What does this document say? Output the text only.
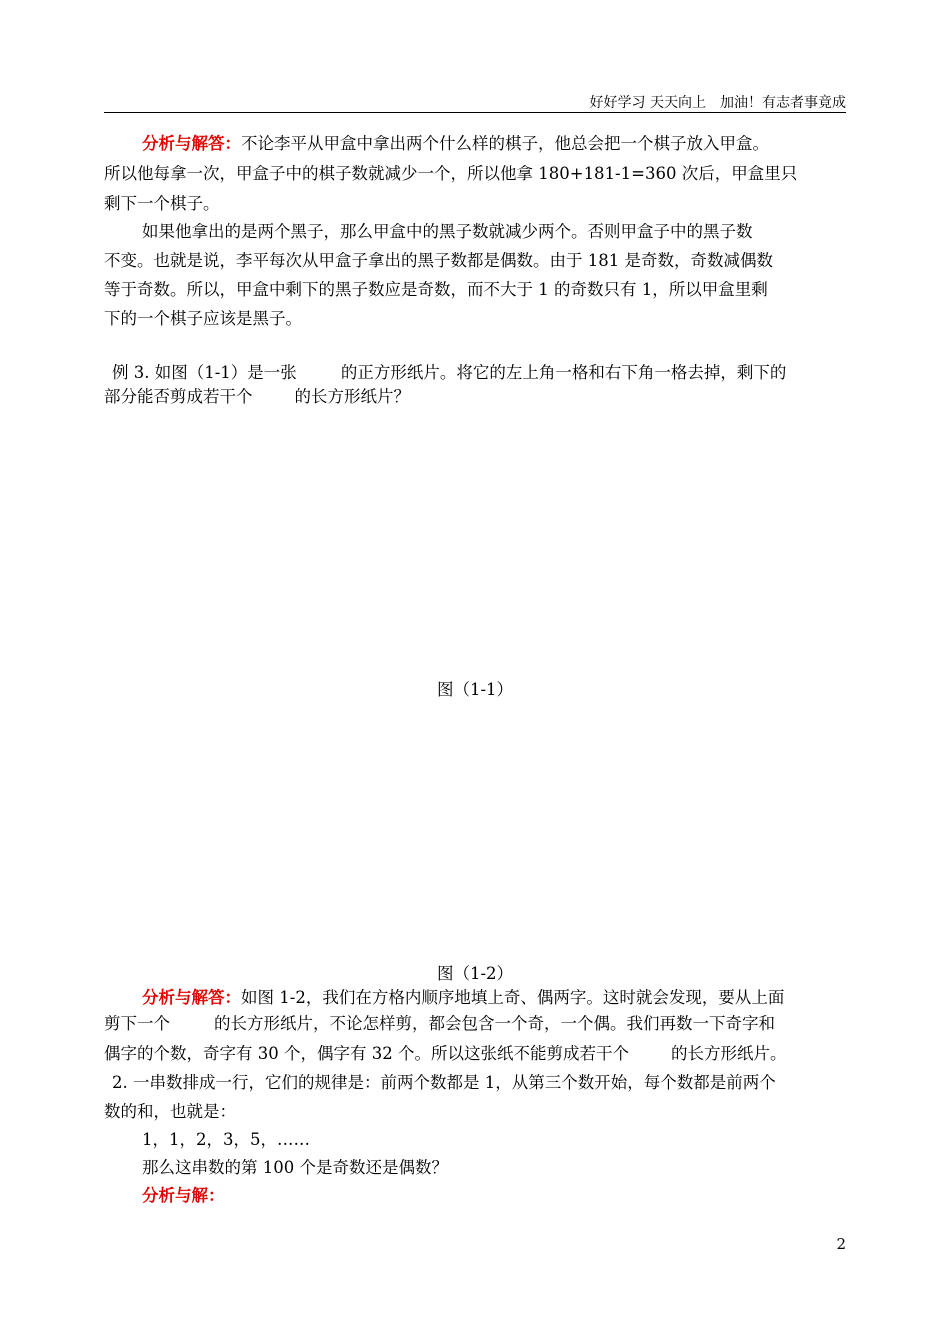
好好学习 天天向上　加油！有志者事竟成
分析与解答：不论李平从甲盒中拿出两个什么样的棋子，他总会把一个棋子放入甲盒。
所以他每拿一次，甲盒子中的棋子数就减少一个，所以他拿 180+181-1=360 次后，甲盒里只
剩下一个棋子。
如果他拿出的是两个黑子，那么甲盒中的黑子数就减少两个。否则甲盒子中的黑子数
不变。也就是说，李平每次从甲盒子拿出的黑子数都是偶数。由于 181 是奇数，奇数减偶数
等于奇数。所以，甲盒中剩下的黑子数应是奇数，而不大于 1 的奇数只有 1，所以甲盒里剩
下的一个棋子应该是黑子。
例 3. 如图（1-1）是一张	的正方形纸片。将它的左上角一格和右下角一格去掉，剩下的
部分能否剪成若干个	的长方形纸片？
图（1-1）
图（1-2）
分析与解答：如图 1-2，我们在方格内顺序地填上奇、偶两字。这时就会发现，要从上面
剪下一个	的长方形纸片，不论怎样剪，都会包含一个奇，一个偶。我们再数一下奇字和
偶字的个数，奇字有 30 个，偶字有 32 个。所以这张纸不能剪成若干个	的长方形纸片。
2. 一串数排成一行，它们的规律是：前两个数都是 1，从第三个数开始，每个数都是前两个
数的和，也就是：
1，1，2，3，5，……
那么这串数的第 100 个是奇数还是偶数？
分析与解：
2
